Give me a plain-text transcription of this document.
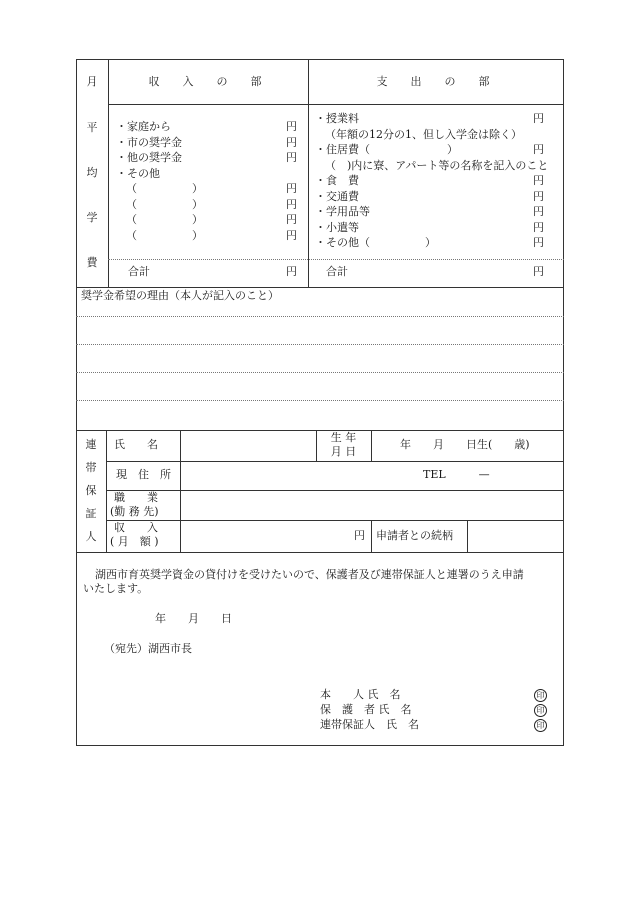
月
平
均
学
費
収　入　の　部	支　出　の　部
・家庭から	円
・市の奨学金	円
・他の奨学金	円
・その他
（　　　　　）	円
（　　　　　）	円
（　　　　　）	円
（　　　　　）	円
合計	円
・授業料	円
（年額の12分の1、但し入学金は除く）
・住居費（　　　　　　　）	円
（　)内に寮、アパート等の名称を記入のこと
・食　費	円
・交通費	円
・学用品等	円
・小遣等	円
・その他（　　　　　）	円
合計	円
奨学金希望の理由（本人が記入のこと）
連
帯
保
証
人
氏　　名
生 年
月 日
年　　月　　日生(　　歳)
現　住　所	TEL　　　—
職　　業
(勤 務 先)
収　　入
( 月　額 )	円 申請者との続柄
湖西市育英奨学資金の貸付けを受けたいので、保護者及び連帯保証人と連署のうえ申請
いたします。
年　　月　　日
（宛先）湖西市長
本　　人 氏　名	印
保　護　者 氏　名	印
連帯保証人　氏　名	印
